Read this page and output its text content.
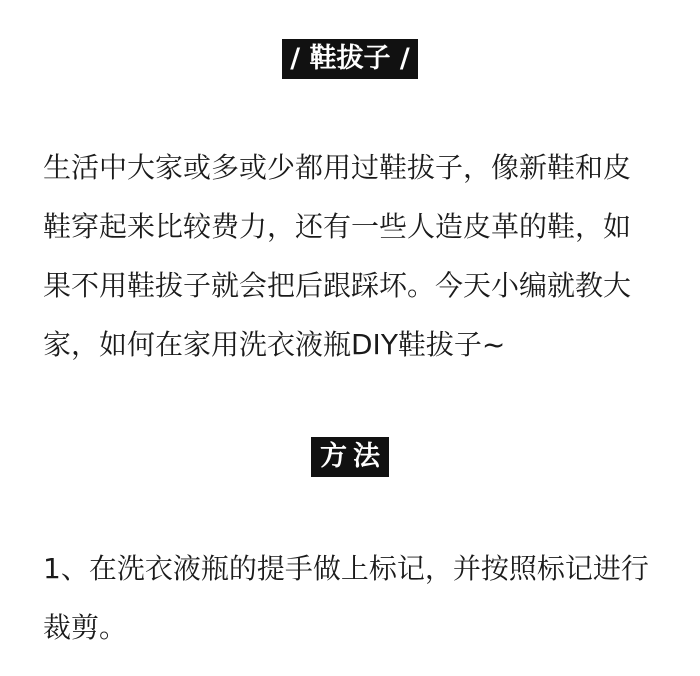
/ 鞋拔子 /
生活中大家或多或少都用过鞋拔子，像新鞋和皮
鞋穿起来比较费力，还有一些人造皮革的鞋，如
果不用鞋拔子就会把后跟踩坏。今天小编就教大
家，如何在家用洗衣液瓶DIY鞋拔子~
方法
1、在洗衣液瓶的提手做上标记，并按照标记进行
裁剪。
